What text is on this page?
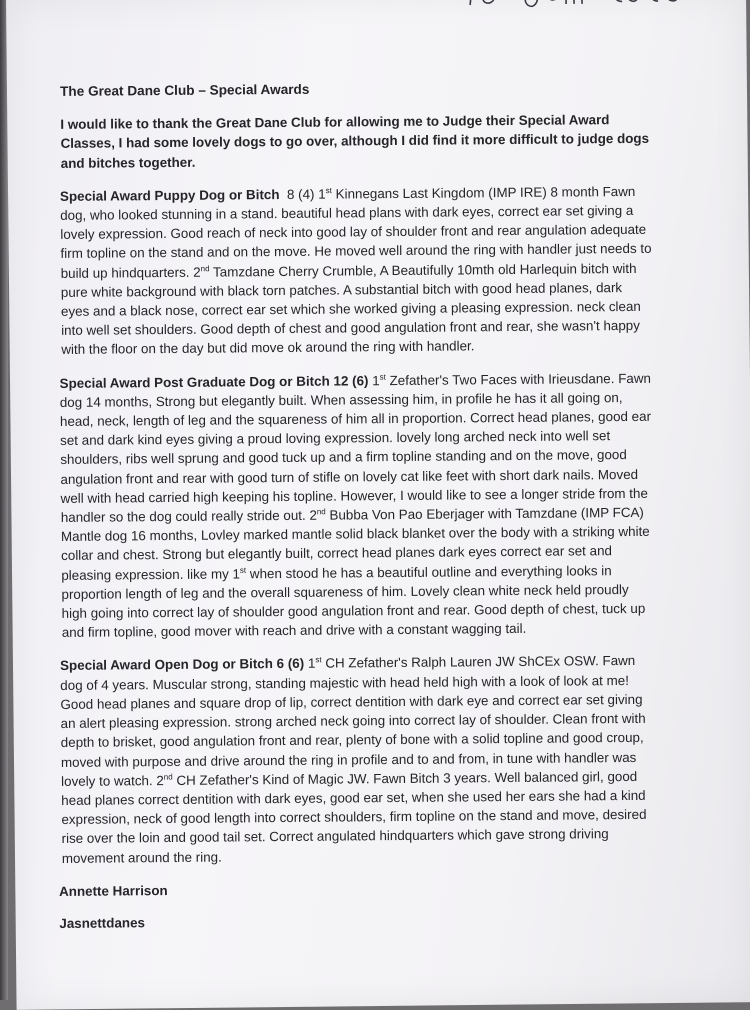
The Great Dane Club – Special Awards
I would like to thank the Great Dane Club for allowing me to Judge their Special Award Classes, I had some lovely dogs to go over, although I did find it more difficult to judge dogs and bitches together.

Special Award Puppy Dog or Bitch 8 (4) 1st Kinnegans Last Kingdom (IMP IRE) 8 month Fawn dog, who looked stunning in a stand. beautiful head plans with dark eyes, correct ear set giving a lovely expression. Good reach of neck into good lay of shoulder front and rear angulation adequate firm topline on the stand and on the move. He moved well around the ring with handler just needs to build up hindquarters. 2nd Tamzdane Cherry Crumble, A Beautifully 10mth old Harlequin bitch with pure white background with black torn patches. A substantial bitch with good head planes, dark eyes and a black nose, correct ear set which she worked giving a pleasing expression. neck clean into well set shoulders. Good depth of chest and good angulation front and rear, she wasn't happy with the floor on the day but did move ok around the ring with handler.

Special Award Post Graduate Dog or Bitch 12 (6) 1st Zefather's Two Faces with Irieusdane. Fawn dog 14 months, Strong but elegantly built. When assessing him, in profile he has it all going on, head, neck, length of leg and the squareness of him all in proportion. Correct head planes, good ear set and dark kind eyes giving a proud loving expression. lovely long arched neck into well set shoulders, ribs well sprung and good tuck up and a firm topline standing and on the move, good angulation front and rear with good turn of stifle on lovely cat like feet with short dark nails. Moved well with head carried high keeping his topline. However, I would like to see a longer stride from the handler so the dog could really stride out. 2nd Bubba Von Pao Eberjager with Tamzdane (IMP FCA) Mantle dog 16 months, Lovley marked mantle solid black blanket over the body with a striking white collar and chest. Strong but elegantly built, correct head planes dark eyes correct ear set and pleasing expression. like my 1st when stood he has a beautiful outline and everything looks in proportion length of leg and the overall squareness of him. Lovely clean white neck held proudly high going into correct lay of shoulder good angulation front and rear. Good depth of chest, tuck up and firm topline, good mover with reach and drive with a constant wagging tail.

Special Award Open Dog or Bitch 6 (6) 1st CH Zefather's Ralph Lauren JW ShCEx OSW. Fawn dog of 4 years. Muscular strong, standing majestic with head held high with a look of look at me! Good head planes and square drop of lip, correct dentition with dark eye and correct ear set giving an alert pleasing expression. strong arched neck going into correct lay of shoulder. Clean front with depth to brisket, good angulation front and rear, plenty of bone with a solid topline and good croup, moved with purpose and drive around the ring in profile and to and from, in tune with handler was lovely to watch. 2nd CH Zefather's Kind of Magic JW. Fawn Bitch 3 years. Well balanced girl, good head planes correct dentition with dark eyes, good ear set, when she used her ears she had a kind expression, neck of good length into correct shoulders, firm topline on the stand and move, desired rise over the loin and good tail set. Correct angulated hindquarters which gave strong driving movement around the ring.

Annette Harrison
Jasnettdanes
